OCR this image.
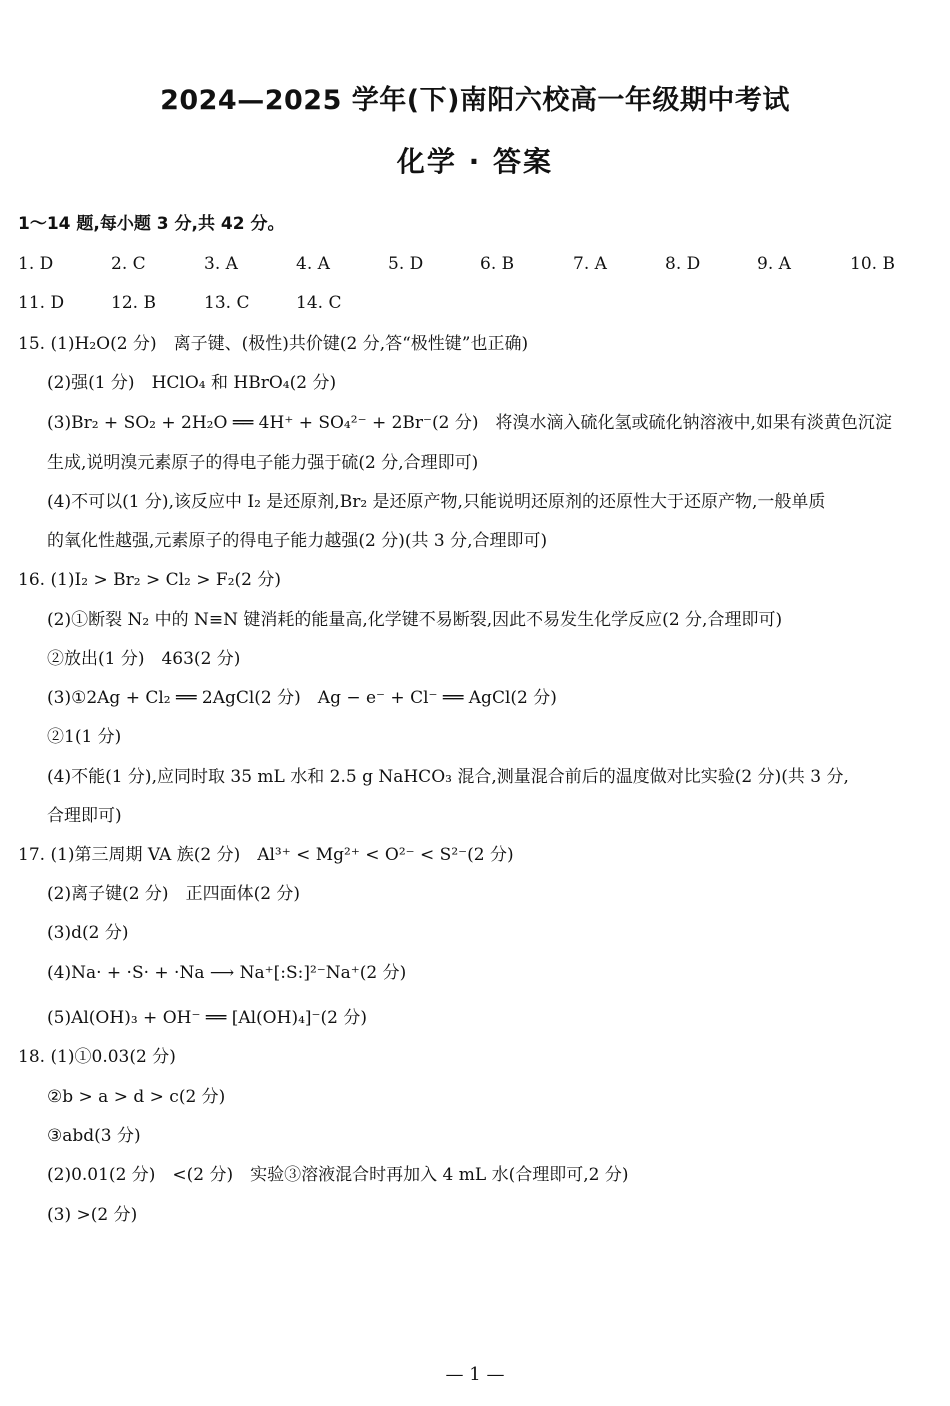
2024—2025 学年(下)南阳六校高一年级期中考试
化学 · 答案
1～14 题,每小题 3 分,共 42 分。
1. D	2. C	3. A	4. A	5. D	6. B	7. A	8. D	9. A	10. B
11. D	12. B	13. C	14. C
15. (1)H₂O(2 分)　离子键、(极性)共价键(2 分,答“极性键”也正确)
(2)强(1 分)　HClO₄ 和 HBrO₄(2 分)
(3)Br₂ + SO₂ + 2H₂O ══ 4H⁺ + SO₄²⁻ + 2Br⁻(2 分)　将溴水滴入硫化氢或硫化钠溶液中,如果有淡黄色沉淀
生成,说明溴元素原子的得电子能力强于硫(2 分,合理即可)
(4)不可以(1 分),该反应中 I₂ 是还原剂,Br₂ 是还原产物,只能说明还原剂的还原性大于还原产物,一般单质
的氧化性越强,元素原子的得电子能力越强(2 分)(共 3 分,合理即可)
16. (1)I₂ > Br₂ > Cl₂ > F₂(2 分)
(2)①断裂 N₂ 中的 N≡N 键消耗的能量高,化学键不易断裂,因此不易发生化学反应(2 分,合理即可)
②放出(1 分)　463(2 分)
(3)①2Ag + Cl₂ ══ 2AgCl(2 分)　Ag − e⁻ + Cl⁻ ══ AgCl(2 分)
②1(1 分)
(4)不能(1 分),应同时取 35 mL 水和 2.5 g NaHCO₃ 混合,测量混合前后的温度做对比实验(2 分)(共 3 分,
合理即可)
17. (1)第三周期 VA 族(2 分)　Al³⁺ < Mg²⁺ < O²⁻ < S²⁻(2 分)
(2)离子键(2 分)　正四面体(2 分)
(3)d(2 分)
(4)Na· + ·S· + ·Na ⟶ Na⁺[:S:]²⁻Na⁺(2 分)
(5)Al(OH)₃ + OH⁻ ══ [Al(OH)₄]⁻(2 分)
18. (1)①0.03(2 分)
②b > a > d > c(2 分)
③abd(3 分)
(2)0.01(2 分)　<(2 分)　实验③溶液混合时再加入 4 mL 水(合理即可,2 分)
(3) >(2 分)
— 1 —
